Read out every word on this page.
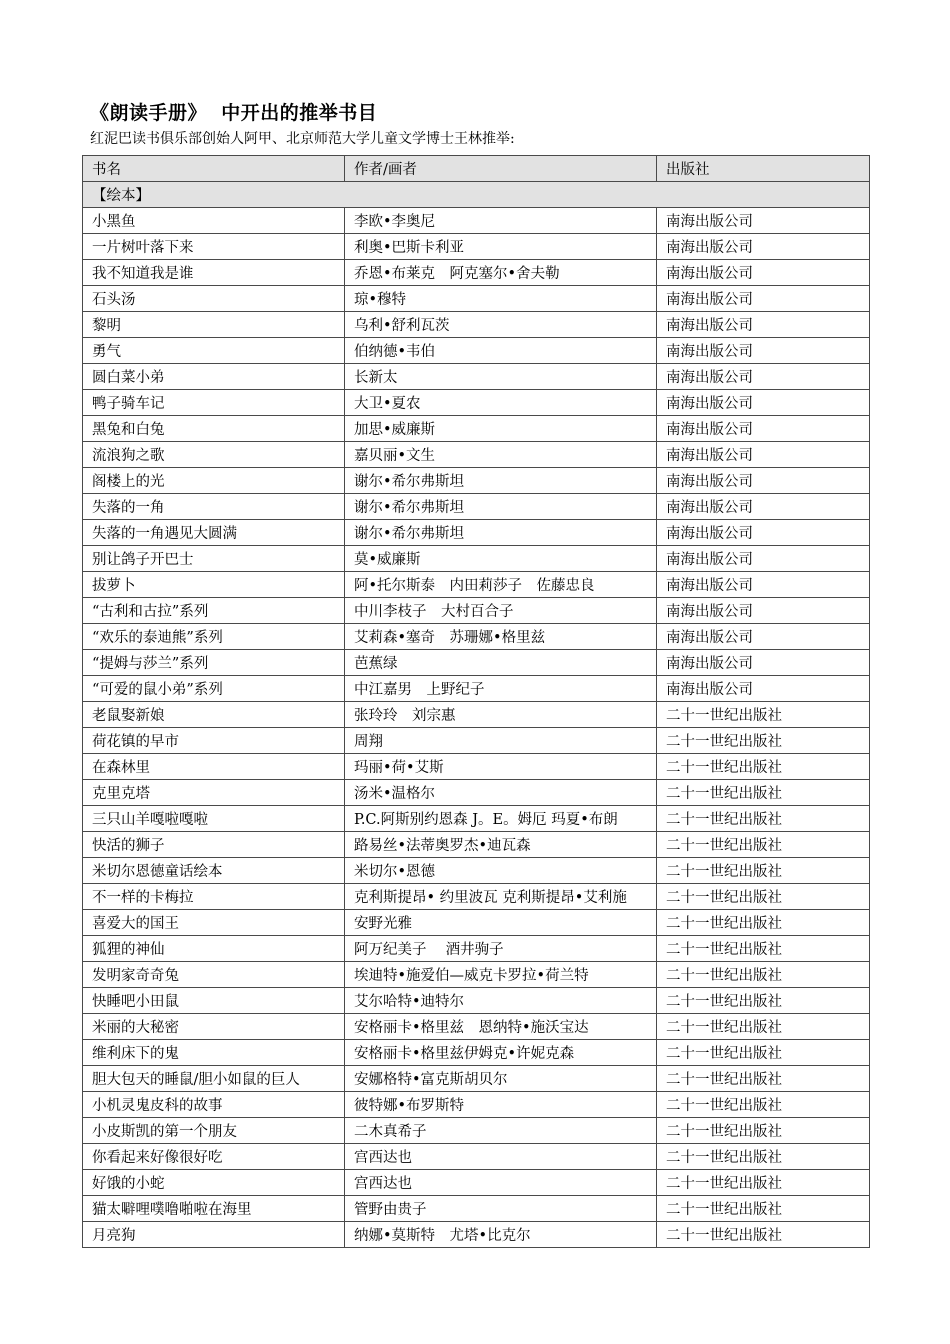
《朗读手册》  中开出的推举书目
红泥巴读书俱乐部创始人阿甲、北京师范大学儿童文学博士王林推举:
书名	作者/画者	出版社
【绘本】		
小黑鱼	李欧•李奥尼	南海出版公司
一片树叶落下来	利奥•巴斯卡利亚	南海出版公司
我不知道我是谁	乔恩•布莱克　阿克塞尔•舍夫勒	南海出版公司
石头汤	琼•穆特	南海出版公司
黎明	乌利•舒利瓦茨	南海出版公司
勇气	伯纳德•韦伯	南海出版公司
圆白菜小弟	长新太	南海出版公司
鸭子骑车记	大卫•夏农	南海出版公司
黑兔和白兔	加思•威廉斯	南海出版公司
流浪狗之歌	嘉贝丽•文生	南海出版公司
阁楼上的光	谢尔•希尔弗斯坦	南海出版公司
失落的一角	谢尔•希尔弗斯坦	南海出版公司
失落的一角遇见大圆满	谢尔•希尔弗斯坦	南海出版公司
别让鸽子开巴士	莫•威廉斯	南海出版公司
拔萝卜	阿•托尔斯泰　内田莉莎子　佐藤忠良	南海出版公司
“古利和古拉”系列	中川李枝子　大村百合子	南海出版公司
“欢乐的泰迪熊”系列	艾莉森•塞奇　苏珊娜•格里兹	南海出版公司
“提姆与莎兰”系列	芭蕉绿	南海出版公司
“可爱的鼠小弟”系列	中江嘉男　上野纪子	南海出版公司
老鼠娶新娘	张玲玲　刘宗惠	二十一世纪出版社
荷花镇的早市	周翔	二十一世纪出版社
在森林里	玛丽•荷•艾斯	二十一世纪出版社
克里克塔	汤米•温格尔	二十一世纪出版社
三只山羊嘎啦嘎啦	P.C.阿斯别约恩森 J。E。姆厄 玛夏•布朗	二十一世纪出版社
快活的狮子	路易丝•法蒂奥罗杰•迪瓦森	二十一世纪出版社
米切尔恩德童话绘本	米切尔•恩德	二十一世纪出版社
不一样的卡梅拉	克利斯提昂• 约里波瓦 克利斯提昂•艾利施	二十一世纪出版社
喜爱大的国王	安野光雅	二十一世纪出版社
狐狸的神仙	阿万纪美子　 酒井驹子	二十一世纪出版社
发明家奇奇兔	埃迪特•施爱伯—威克卡罗拉•荷兰特	二十一世纪出版社
快睡吧小田鼠	艾尔哈特•迪特尔	二十一世纪出版社
米丽的大秘密	安格丽卡•格里兹　恩纳特•施沃宝达	二十一世纪出版社
维利床下的鬼	安格丽卡•格里兹伊姆克•许妮克森	二十一世纪出版社
胆大包天的睡鼠/胆小如鼠的巨人	安娜格特•富克斯胡贝尔	二十一世纪出版社
小机灵鬼皮科的故事	彼特娜•布罗斯特	二十一世纪出版社
小皮斯凯的第一个朋友	二木真希子	二十一世纪出版社
你看起来好像很好吃	宫西达也	二十一世纪出版社
好饿的小蛇	宫西达也	二十一世纪出版社
猫太噼哩噗噜啪啦在海里	管野由贵子	二十一世纪出版社
月亮狗	纳娜•莫斯特　尤塔•比克尔	二十一世纪出版社
